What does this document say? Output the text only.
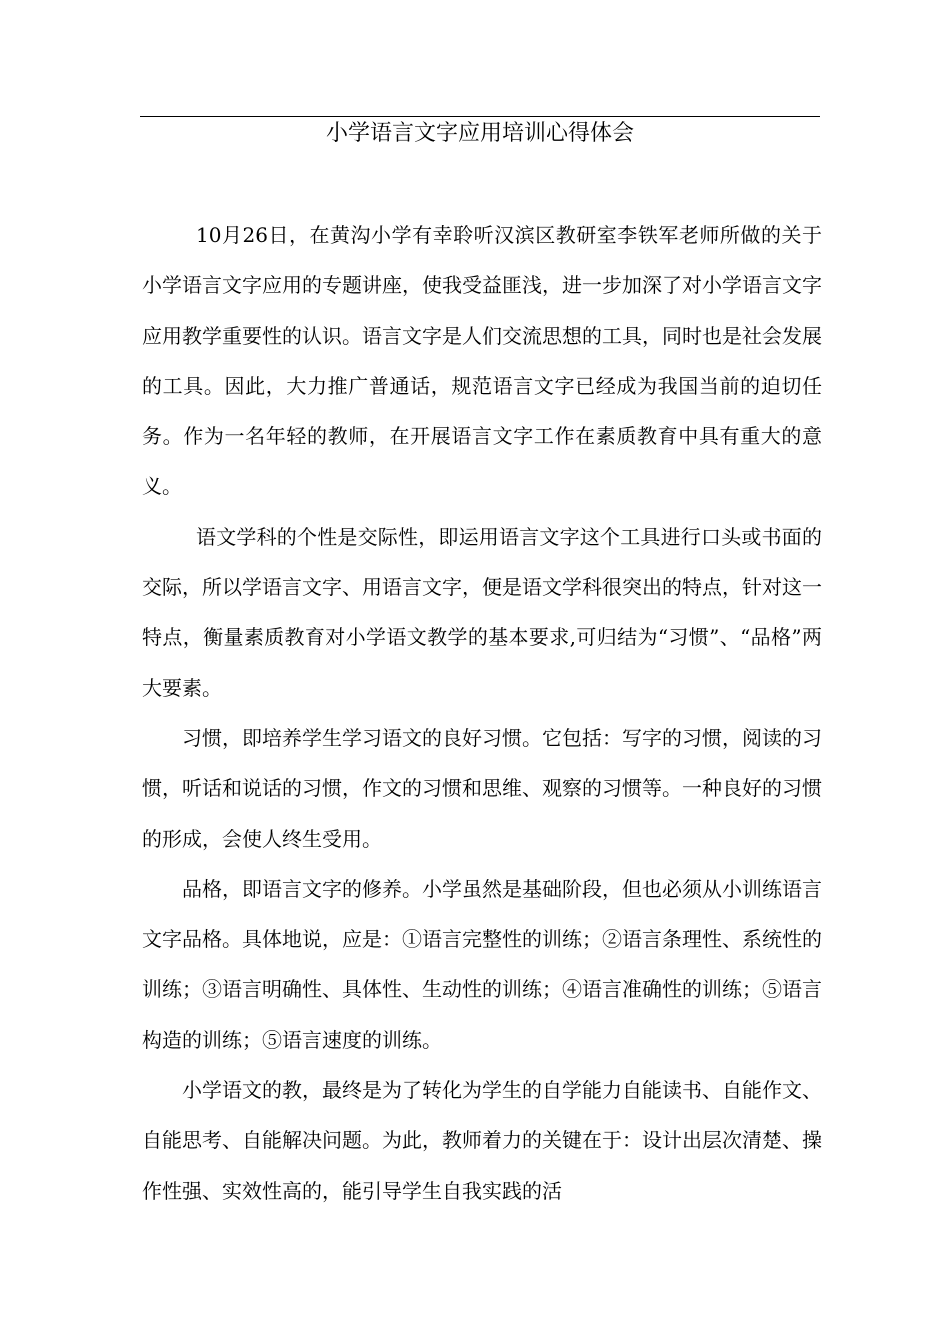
小学语言文字应用培训心得体会

10月26日，在黄沟小学有幸聆听汉滨区教研室李铁军老师所做的关于小学语言文字应用的专题讲座，使我受益匪浅，进一步加深了对小学语言文字应用教学重要性的认识。语言文字是人们交流思想的工具，同时也是社会发展的工具。因此，大力推广普通话，规范语言文字已经成为我国当前的迫切任务。作为一名年轻的教师，在开展语言文字工作在素质教育中具有重大的意义。

语文学科的个性是交际性，即运用语言文字这个工具进行口头或书面的交际，所以学语言文字、用语言文字，便是语文学科很突出的特点，针对这一特点，衡量素质教育对小学语文教学的基本要求,可归结为“习惯”、“品格”两大要素。

习惯，即培养学生学习语文的良好习惯。它包括：写字的习惯，阅读的习惯，听话和说话的习惯，作文的习惯和思维、观察的习惯等。一种良好的习惯的形成，会使人终生受用。

品格，即语言文字的修养。小学虽然是基础阶段，但也必须从小训练语言文字品格。具体地说，应是：①语言完整性的训练；②语言条理性、系统性的训练；③语言明确性、具体性、生动性的训练；④语言准确性的训练；⑤语言构造的训练；⑤语言速度的训练。

小学语文的教，最终是为了转化为学生的自学能力自能读书、自能作文、自能思考、自能解决问题。为此，教师着力的关键在于：设计出层次清楚、操作性强、实效性高的，能引导学生自我实践的活
